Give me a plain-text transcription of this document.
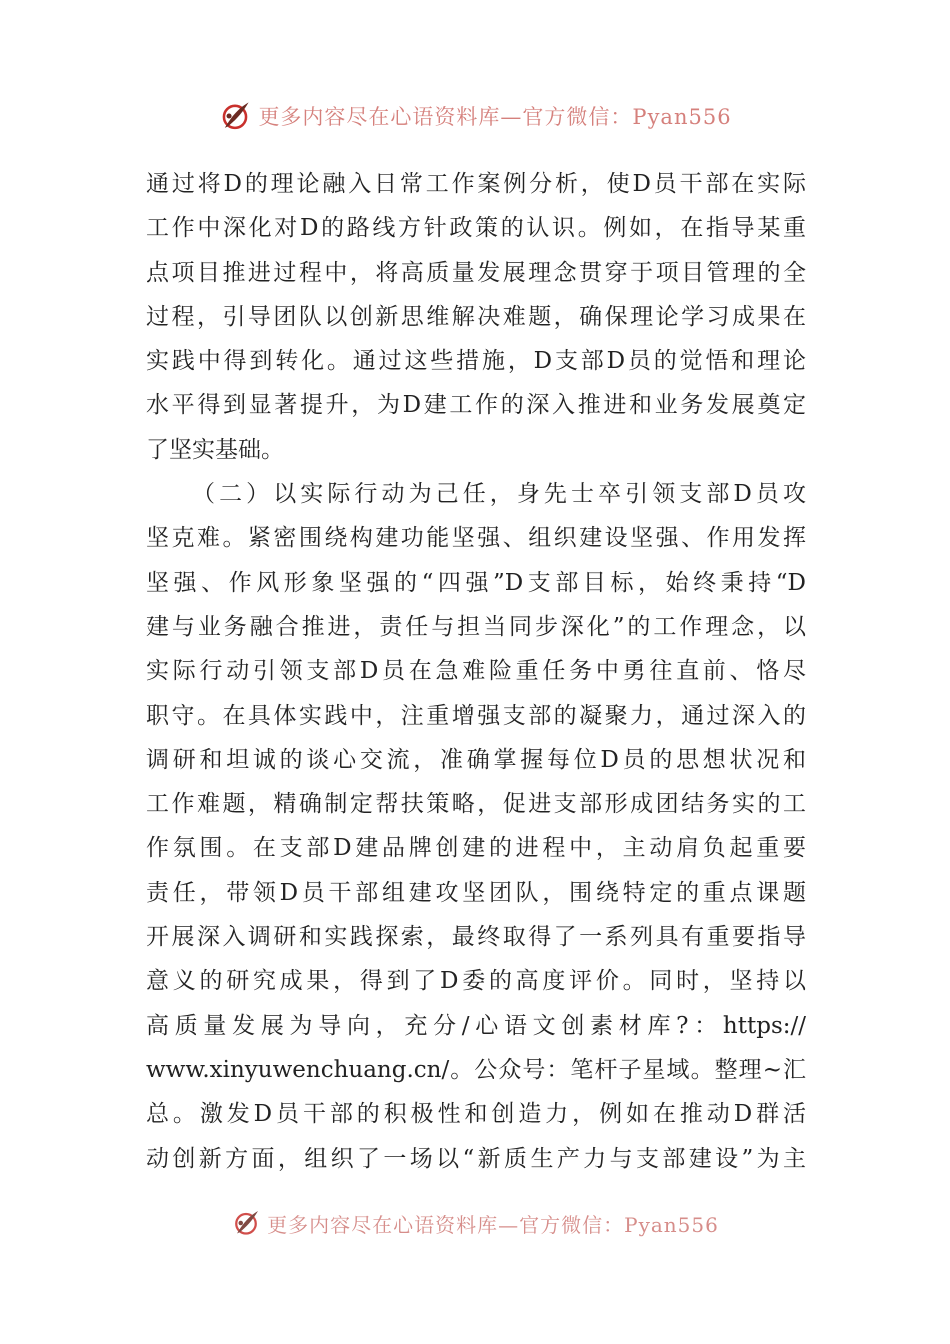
更多内容尽在心语资料库—官方微信：Pyan556
通过将D的理论融入日常工作案例分析，使D员干部在实际
工作中深化对D的路线方针政策的认识。例如，在指导某重
点项目推进过程中，将高质量发展理念贯穿于项目管理的全
过程，引导团队以创新思维解决难题，确保理论学习成果在
实践中得到转化。通过这些措施，D支部D员的觉悟和理论
水平得到显著提升，为D建工作的深入推进和业务发展奠定
了坚实基础。
（二）以实际行动为己任，身先士卒引领支部D员攻
坚克难。紧密围绕构建功能坚强、组织建设坚强、作用发挥
坚强、作风形象坚强的“四强”D支部目标，始终秉持“D
建与业务融合推进，责任与担当同步深化”的工作理念，以
实际行动引领支部D员在急难险重任务中勇往直前、恪尽
职守。在具体实践中，注重增强支部的凝聚力，通过深入的
调研和坦诚的谈心交流，准确掌握每位D员的思想状况和
工作难题，精确制定帮扶策略，促进支部形成团结务实的工
作氛围。在支部D建品牌创建的进程中，主动肩负起重要
责任，带领D员干部组建攻坚团队，围绕特定的重点课题
开展深入调研和实践探索，最终取得了一系列具有重要指导
意义的研究成果，得到了D委的高度评价。同时，坚持以
高质量发展为导向，充分/心语文创素材库?：https://
www.xinyuwenchuang.cn/。公众号：笔杆子星域。整理~汇
总。激发D员干部的积极性和创造力，例如在推动D群活
动创新方面，组织了一场以“新质生产力与支部建设”为主
更多内容尽在心语资料库—官方微信：Pyan556
